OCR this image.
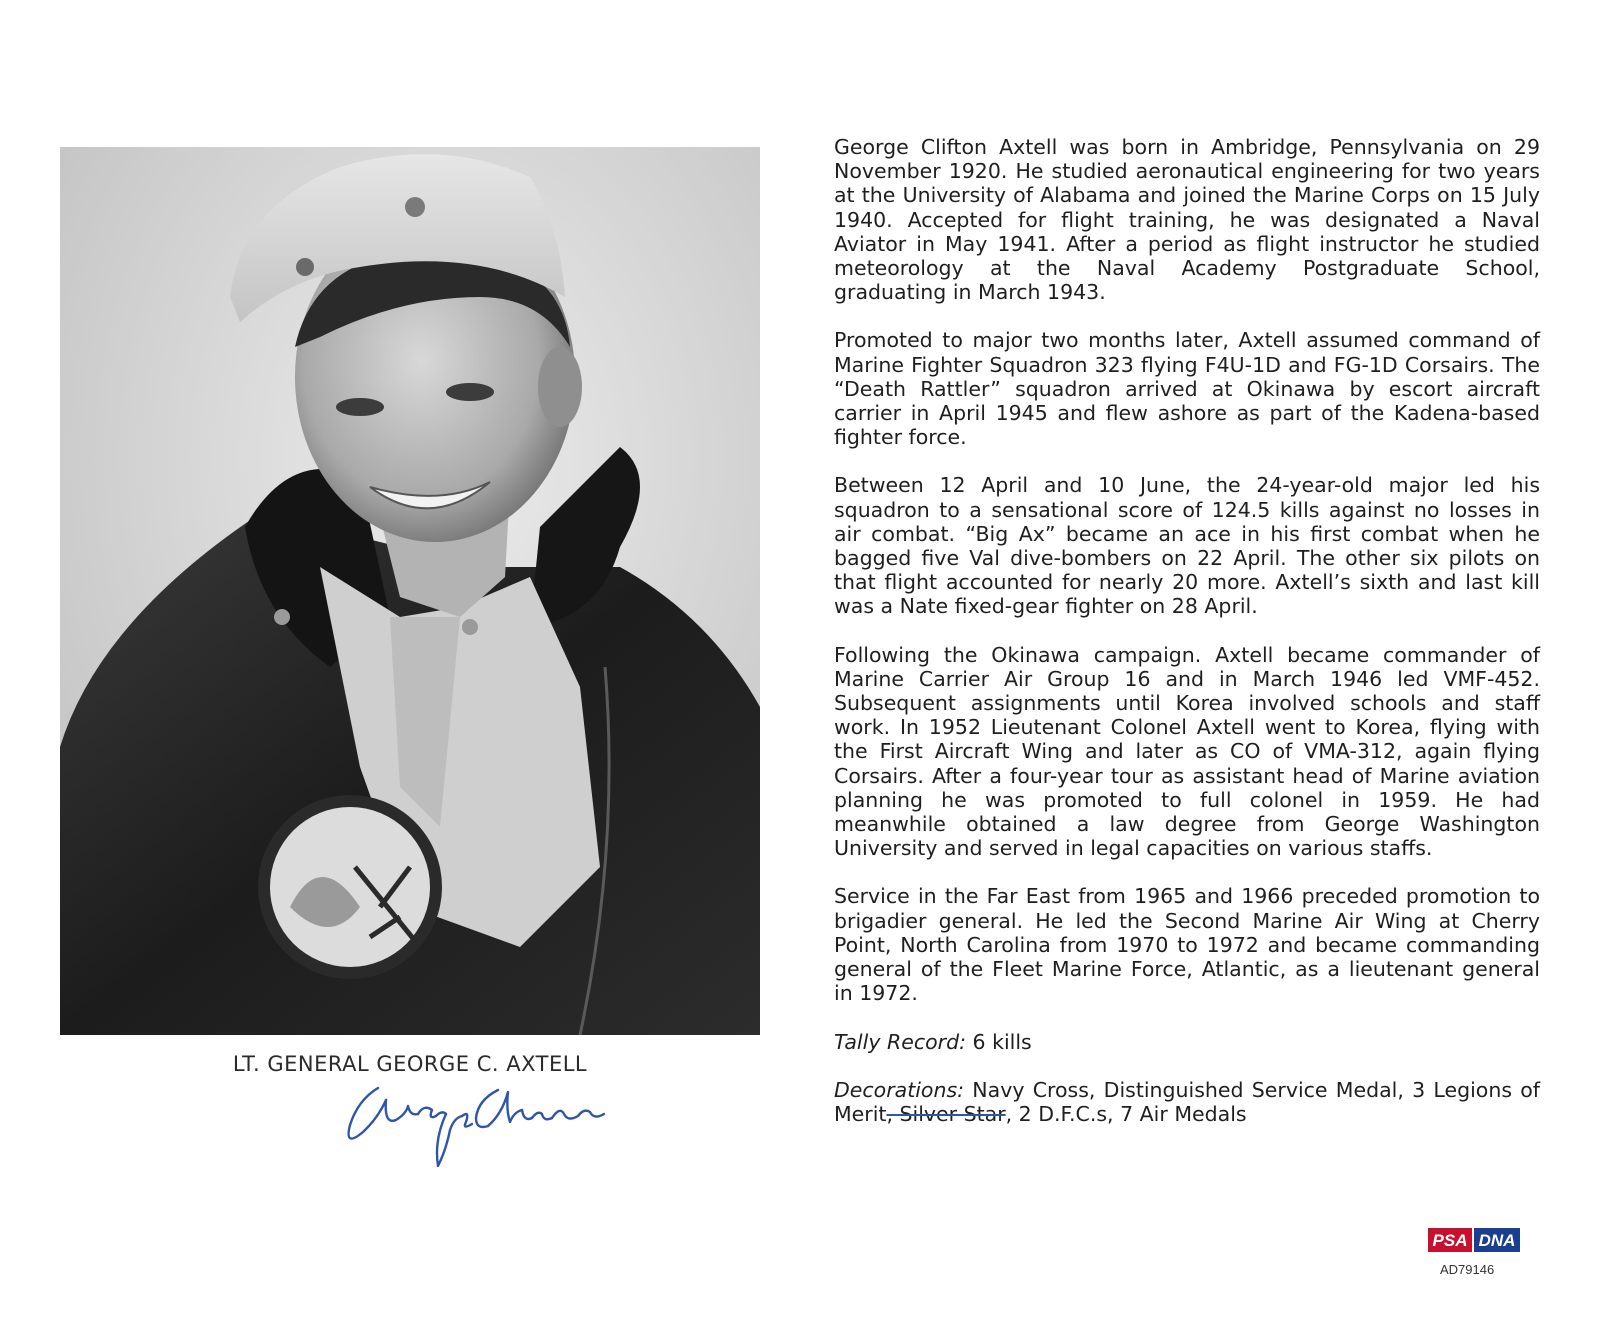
LT. GENERAL GEORGE C. AXTELL

George Clifton Axtell was born in Ambridge, Pennsylvania on 29 November 1920. He studied aeronautical engineering for two years at the University of Alabama and joined the Marine Corps on 15 July 1940. Accepted for flight training, he was designated a Naval Aviator in May 1941. After a period as flight instructor he studied meteorology at the Naval Academy Postgraduate School, graduating in March 1943.

Promoted to major two months later, Axtell assumed command of Marine Fighter Squadron 323 flying F4U-1D and FG-1D Corsairs. The “Death Rattler” squadron arrived at Okinawa by escort aircraft carrier in April 1945 and flew ashore as part of the Kadena-based fighter force.

Between 12 April and 10 June, the 24-year-old major led his squadron to a sensational score of 124.5 kills against no losses in air combat. “Big Ax” became an ace in his first combat when he bagged five Val dive-bombers on 22 April. The other six pilots on that flight accounted for nearly 20 more. Axtell’s sixth and last kill was a Nate fixed-gear fighter on 28 April.

Following the Okinawa campaign. Axtell became commander of Marine Carrier Air Group 16 and in March 1946 led VMF-452. Subsequent assignments until Korea involved schools and staff work. In 1952 Lieutenant Colonel Axtell went to Korea, flying with the First Aircraft Wing and later as CO of VMA-312, again flying Corsairs. After a four-year tour as assistant head of Marine aviation planning he was promoted to full colonel in 1959. He had meanwhile obtained a law degree from George Washington University and served in legal capacities on various staffs.

Service in the Far East from 1965 and 1966 preceded promotion to brigadier general. He led the Second Marine Air Wing at Cherry Point, North Carolina from 1970 to 1972 and became commanding general of the Fleet Marine Force, Atlantic, as a lieutenant general in 1972.

Tally Record: 6 kills

Decorations: Navy Cross, Distinguished Service Medal, 3 Legions of Merit, Silver Star, 2 D.F.C.s, 7 Air Medals

PSA DNA
AD79146
